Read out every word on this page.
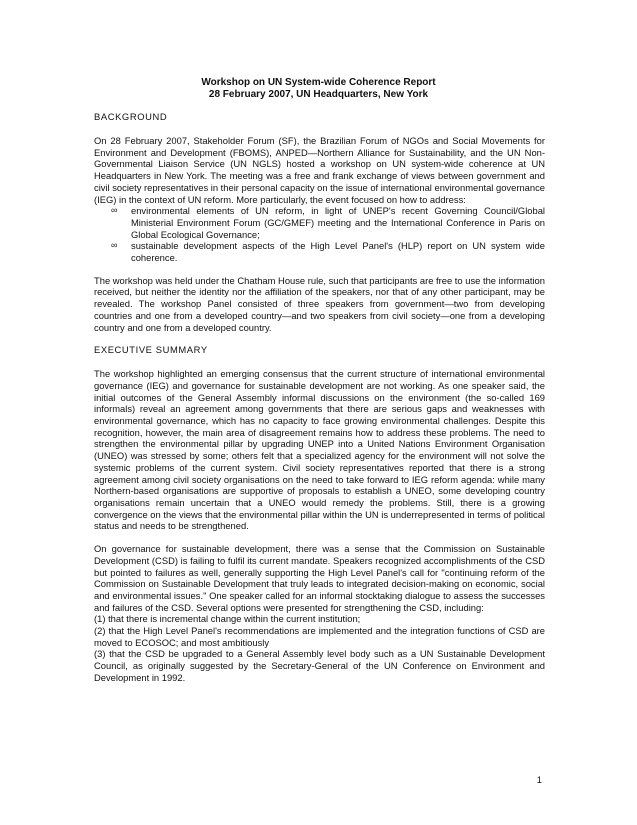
Workshop on UN System-wide Coherence Report
28 February 2007, UN Headquarters, New York
BACKGROUND

On 28 February 2007, Stakeholder Forum (SF), the Brazilian Forum of NGOs and Social Movements for Environment and Development (FBOMS), ANPED—Northern Alliance for Sustainability, and the UN Non-Governmental Liaison Service (UN NGLS) hosted a workshop on UN system-wide coherence at UN Headquarters in New York. The meeting was a free and frank exchange of views between government and civil society representatives in their personal capacity on the issue of international environmental governance (IEG) in the context of UN reform. More particularly, the event focused on how to address:

∞ environmental elements of UN reform, in light of UNEP's recent Governing Council/Global Ministerial Environment Forum (GC/GMEF) meeting and the International Conference in Paris on Global Ecological Governance;
∞ sustainable development aspects of the High Level Panel's (HLP) report on UN system wide coherence.

The workshop was held under the Chatham House rule, such that participants are free to use the information received, but neither the identity nor the affiliation of the speakers, nor that of any other participant, may be revealed. The workshop Panel consisted of three speakers from government—two from developing countries and one from a developed country—and two speakers from civil society—one from a developing country and one from a developed country.

EXECUTIVE SUMMARY

The workshop highlighted an emerging consensus that the current structure of international environmental governance (IEG) and governance for sustainable development are not working. As one speaker said, the initial outcomes of the General Assembly informal discussions on the environment (the so-called 169 informals) reveal an agreement among governments that there are serious gaps and weaknesses with environmental governance, which has no capacity to face growing environmental challenges. Despite this recognition, however, the main area of disagreement remains how to address these problems. The need to strengthen the environmental pillar by upgrading UNEP into a United Nations Environment Organisation (UNEO) was stressed by some; others felt that a specialized agency for the environment will not solve the systemic problems of the current system. Civil society representatives reported that there is a strong agreement among civil society organisations on the need to take forward to IEG reform agenda: while many Northern-based organisations are supportive of proposals to establish a UNEO, some developing country organisations remain uncertain that a UNEO would remedy the problems. Still, there is a growing convergence on the views that the environmental pillar within the UN is underrepresented in terms of political status and needs to be strengthened.

On governance for sustainable development, there was a sense that the Commission on Sustainable Development (CSD) is failing to fulfil its current mandate. Speakers recognized accomplishments of the CSD but pointed to failures as well, generally supporting the High Level Panel's call for "continuing reform of the Commission on Sustainable Development that truly leads to integrated decision-making on economic, social and environmental issues." One speaker called for an informal stocktaking dialogue to assess the successes and failures of the CSD. Several options were presented for strengthening the CSD, including:

(1) that there is incremental change within the current institution;

(2) that the High Level Panel's recommendations are implemented and the integration functions of CSD are moved to ECOSOC; and most ambitiously

(3) that the CSD be upgraded to a General Assembly level body such as a UN Sustainable Development Council, as originally suggested by the Secretary-General of the UN Conference on Environment and Development in 1992.

1
